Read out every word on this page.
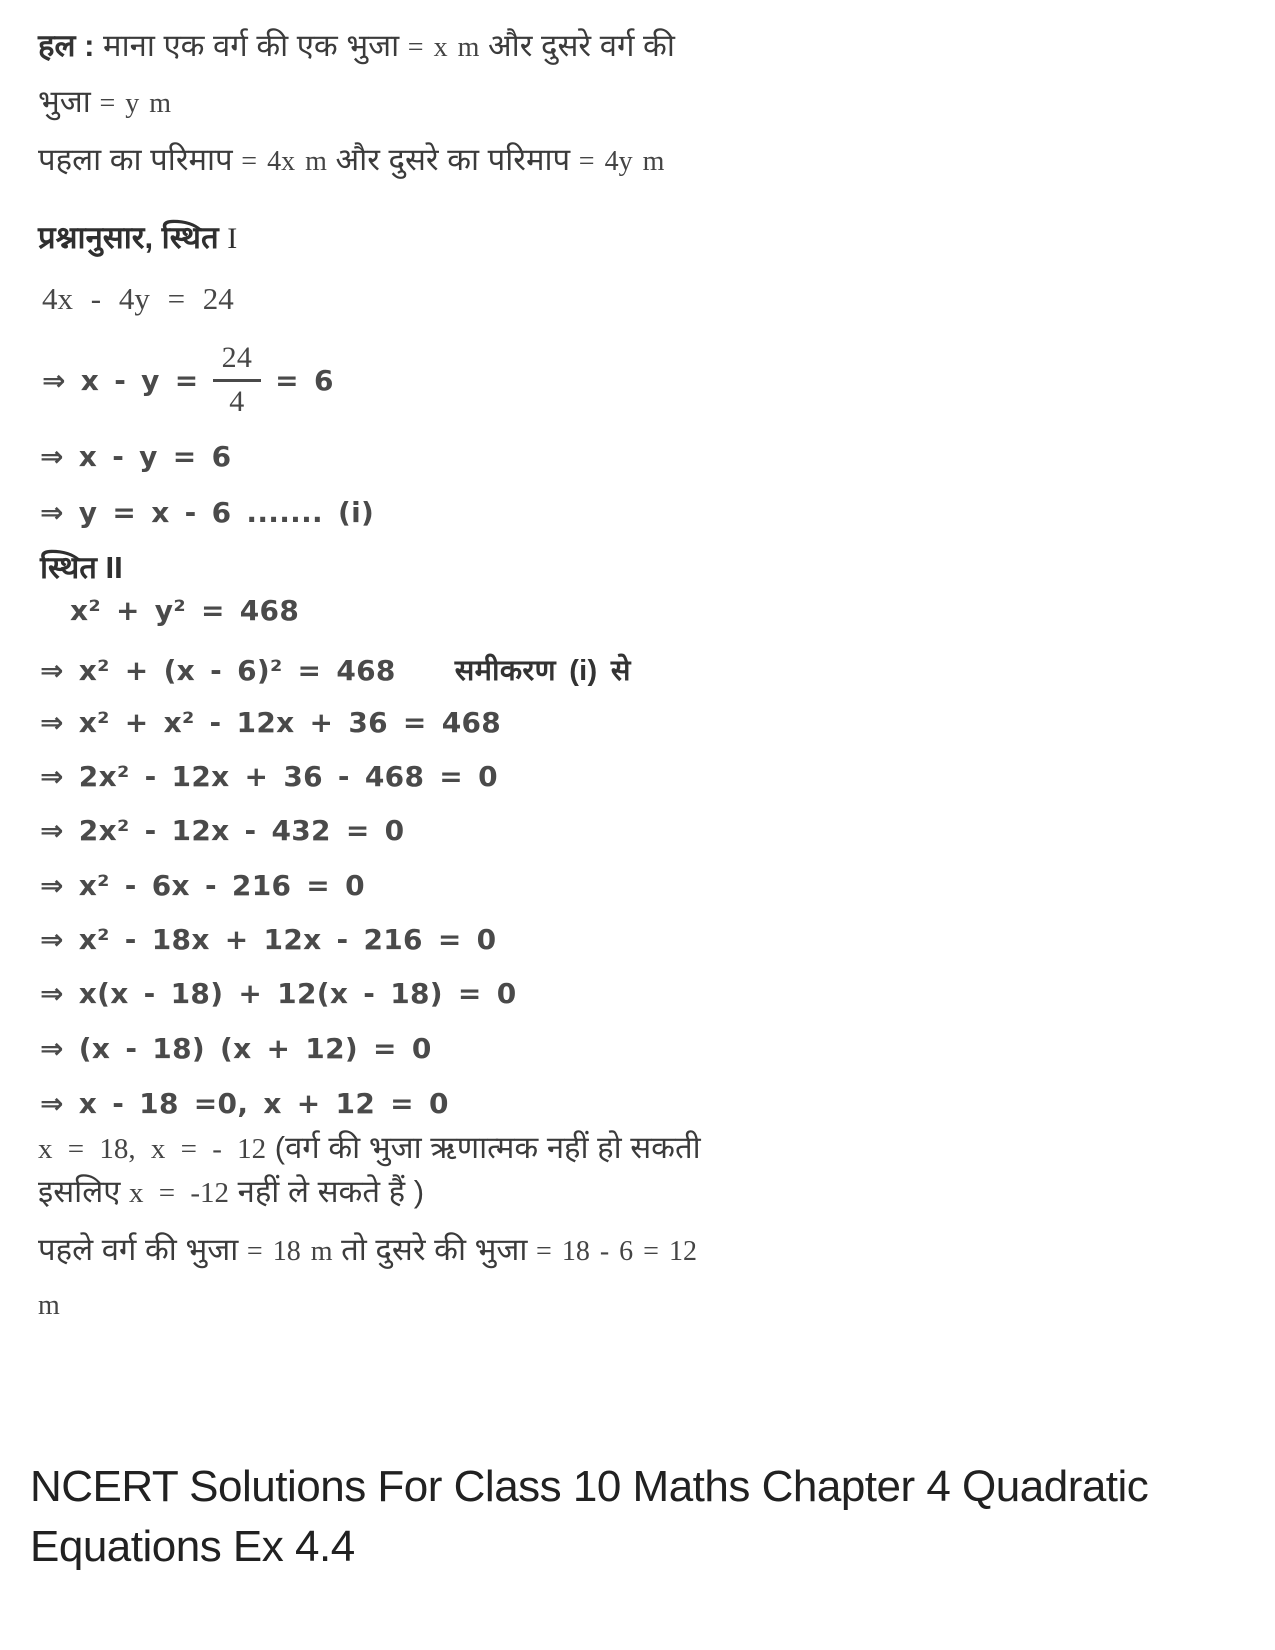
हल : माना एक वर्ग की एक भुजा = x m और दुसरे वर्ग की
भुजा = y m
पहला का परिमाप = 4x m और दुसरे का परिमाप = 4y m
प्रश्नानुसार, स्थित I
4x - 4y = 24
⇒ $x - y = \frac{24}{4} = 6$
⇒ x - y = 6
⇒ y = x - 6 ....... (i)
स्थित II
x² + y² = 468
⇒ x² + (x - 6)² = 468 समीकरण (i) से
⇒ x² + x² - 12x + 36 = 468
⇒ 2x² - 12x + 36 - 468 = 0
⇒ 2x² - 12x - 432 = 0
⇒ x² - 6x - 216 = 0
⇒ x² - 18x + 12x - 216 = 0
⇒ x(x - 18) + 12(x - 18) = 0
⇒ (x - 18) (x + 12) = 0
⇒ x - 18 =0, x + 12 = 0
x = 18, x = - 12 (वर्ग की भुजा ऋणात्मक नहीं हो सकती
इसलिए x = -12 नहीं ले सकते हैं )
पहले वर्ग की भुजा = 18 m तो दुसरे की भुजा = 18 - 6 = 12
m
NCERT Solutions For Class 10 Maths Chapter 4 Quadratic
Equations Ex 4.4
